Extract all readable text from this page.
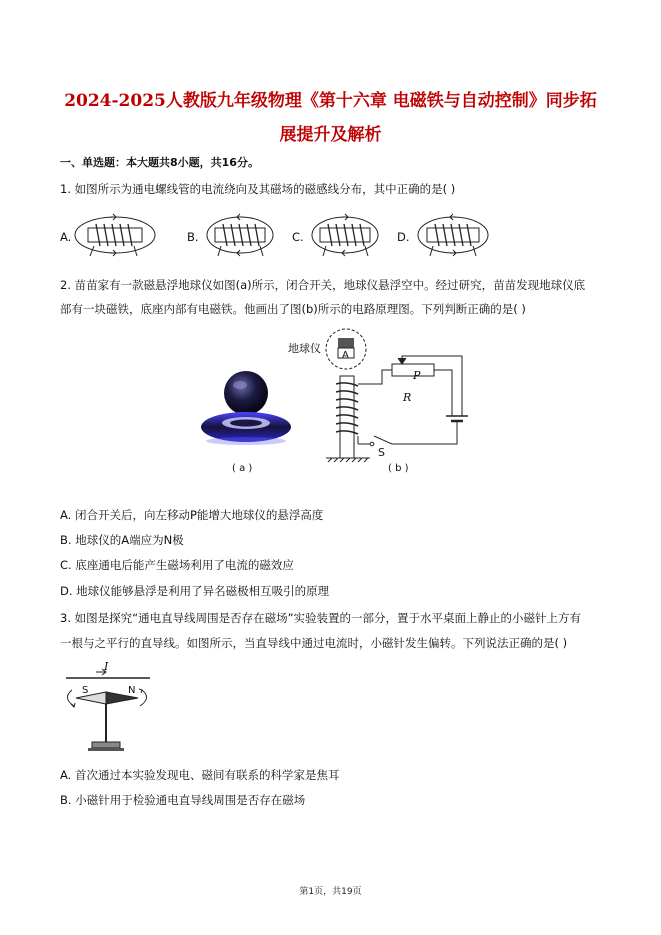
2024-2025人教版九年级物理《第十六章 电磁铁与自动控制》同步拓
展提升及解析
一、单选题：本大题共8小题，共16分。
1. 如图所示为通电螺线管的电流绕向及其磁场的磁感线分布，其中正确的是( )
A.	B.	C.	D.
2. 苗苗家有一款磁悬浮地球仪如图(a)所示，闭合开关，地球仪悬浮空中。经过研究，苗苗发现地球仪底
部有一块磁铁，底座内部有电磁铁。他画出了图(b)所示的电路原理图。下列判断正确的是( )
( a )
地球仪
A
P
R
S
( b )
A. 闭合开关后，向左移动P能增大地球仪的悬浮高度
B. 地球仪的A端应为N极
C. 底座通电后能产生磁场利用了电流的磁效应
D. 地球仪能够悬浮是利用了异名磁极相互吸引的原理
3. 如图是探究“通电直导线周围是否存在磁场”实验装置的一部分，置于水平桌面上静止的小磁针上方有
一根与之平行的直导线。如图所示，当直导线中通过电流时，小磁针发生偏转。下列说法正确的是( )
I
S	N
A. 首次通过本实验发现电、磁间有联系的科学家是焦耳
B. 小磁针用于检验通电直导线周围是否存在磁场
第1页，共19页
